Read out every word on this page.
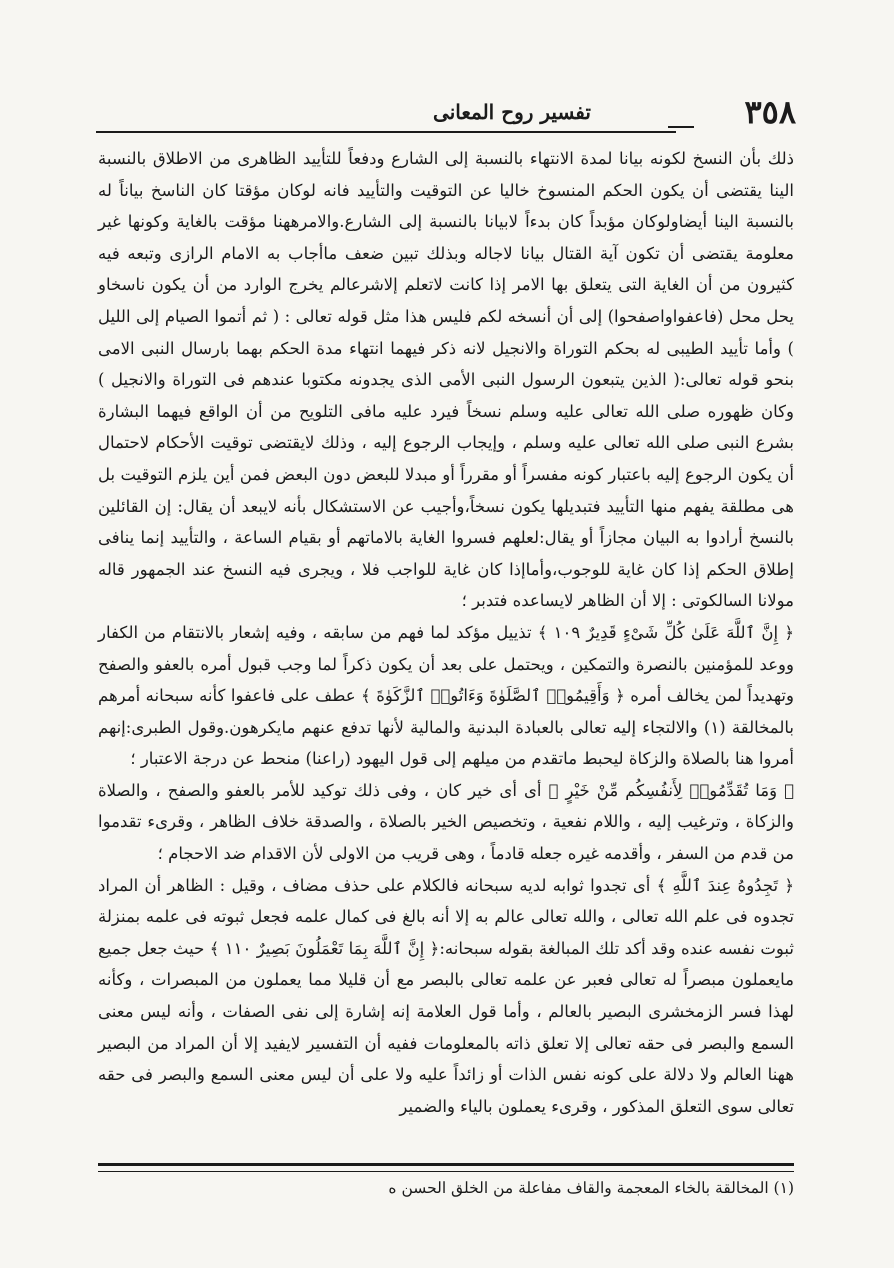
٣٥٨
تفسير روح المعانى

ذلك بأن النسخ لكونه بيانا لمدة الانتهاء بالنسبة إلى الشارع ودفعاً للتأييد الظاهرى من الاطلاق بالنسبة الينا يقتضى أن يكون الحكم المنسوخ خاليا عن التوقيت والتأييد فانه لوكان مؤقتا كان الناسخ بياناً له بالنسبة الينا أيضاولوكان مؤبداً كان بدءاً لابيانا بالنسبة إلى الشارع.والامرههنا مؤقت بالغاية وكونها غير معلومة يقتضى أن تكون آية القتال بيانا لاجاله وبذلك تبين ضعف ماأجاب به الامام الرازى وتبعه فيه كثيرون من أن الغاية التى يتعلق بها الامر إذا كانت لاتعلم إلاشرعالم يخرج الوارد من أن يكون ناسخاو يحل محل (فاعفواواصفحوا) إلى أن أنسخه لكم فليس هذا مثل قوله تعالى : ( ثم أتموا الصيام إلى الليل ) وأما تأييد الطيبى له بحكم التوراة والانجيل لانه ذكر فيهما انتهاء مدة الحكم بهما بارسال النبى الامى بنحو قوله تعالى:( الذين يتبعون الرسول النبى الأمى الذى يجدونه مكتوبا عندهم فى التوراة والانجيل ) وكان ظهوره صلى الله تعالى عليه وسلم نسخاً فيرد عليه مافى التلويح من أن الواقع فيهما البشارة بشرع النبى صلى الله تعالى عليه وسلم ، وإيجاب الرجوع إليه ، وذلك لايقتضى توقيت الأحكام لاحتمال أن يكون الرجوع إليه باعتبار كونه مفسراً أو مقرراً أو مبدلا للبعض دون البعض فمن أين يلزم التوقيت بل هى مطلقة يفهم منها التأييد فتبديلها يكون نسخاً،وأجيب عن الاستشكال بأنه لايبعد أن يقال: إن القائلين بالنسخ أرادوا به البيان مجازاً أو يقال:لعلهم فسروا الغاية بالاماتهم أو بقيام الساعة ، والتأييد إنما ينافى إطلاق الحكم إذا كان غاية للوجوب،وأماإذا كان غاية للواجب فلا ، ويجرى فيه النسخ عند الجمهور قاله مولانا السالكوتى : إلا أن الظاهر لايساعده فتدبر ؛

﴿ إِنَّ ٱللَّهَ عَلَىٰ كُلِّ شَىْءٍ قَدِيرٌ ١٠٩ ﴾ تذييل مؤكد لما فهم من سابقه ، وفيه إشعار بالانتقام من الكفار ووعد للمؤمنين بالنصرة والتمكين ، ويحتمل على بعد أن يكون ذكراً لما وجب قبول أمره بالعفو والصفح وتهديداً لمن يخالف أمره ﴿ وَأَقِيمُوا۟ ٱلصَّلَوٰةَ وَءَاتُوا۟ ٱلزَّكَوٰةَ ﴾ عطف على فاعفوا كأنه سبحانه أمرهم بالمخالقة (١) والالتجاء إليه تعالى بالعبادة البدنية والمالية لأنها تدفع عنهم مايكرهون.وقول الطبرى:إنهم أمروا هنا بالصلاة والزكاة ليحبط ماتقدم من ميلهم إلى قول اليهود (راعنا) منحط عن درجة الاعتبار ؛

﴿ وَمَا تُقَدِّمُوا۟ لِأَنفُسِكُم مِّنْ خَيْرٍ ﴾ أى أى خير كان ، وفى ذلك توكيد للأمر بالعفو والصفح ، والصلاة والزكاة ، وترغيب إليه ، واللام نفعية ، وتخصيص الخير بالصلاة ، والصدقة خلاف الظاهر ، وقرىء تقدموا من قدم من السفر ، وأقدمه غيره جعله قادماً ، وهى قريب من الاولى لأن الاقدام ضد الاحجام ؛

﴿ تَجِدُوهُ عِندَ ٱللَّهِ ﴾ أى تجدوا ثوابه لديه سبحانه فالكلام على حذف مضاف ، وقيل : الظاهر أن المراد تجدوه فى علم الله تعالى ، والله تعالى عالم به إلا أنه بالغ فى كمال علمه فجعل ثبوته فى علمه بمنزلة ثبوت نفسه عنده وقد أكد تلك المبالغة بقوله سبحانه:﴿ إِنَّ ٱللَّهَ بِمَا تَعْمَلُونَ بَصِيرٌ ١١٠ ﴾ حيث جعل جميع مايعملون مبصراً له تعالى فعبر عن علمه تعالى بالبصر مع أن قليلا مما يعملون من المبصرات ، وكأنه لهذا فسر الزمخشرى البصير بالعالم ، وأما قول العلامة إنه إشارة إلى نفى الصفات ، وأنه ليس معنى السمع والبصر فى حقه تعالى إلا تعلق ذاته بالمعلومات ففيه أن التفسير لايفيد إلا أن المراد من البصير ههنا العالم ولا دلالة على كونه نفس الذات أو زائداً عليه ولا على أن ليس معنى السمع والبصر فى حقه تعالى سوى التعلق المذكور ، وقرىء يعملون بالياء والضمير

(١) المخالقة بالخاء المعجمة والقاف مفاعلة من الخلق الحسن ه
